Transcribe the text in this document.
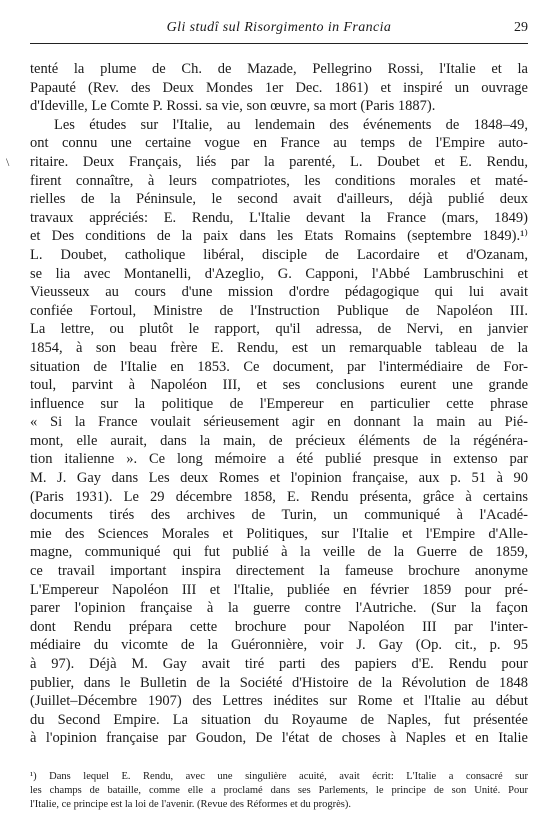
Gli studî sul Risorgimento in Francia	29
\
tenté la plume de Ch. de Mazade, Pellegrino Rossi, l'Italie et la
Papauté (Rev. des Deux Mondes 1er Dec. 1861) et inspiré un ouvrage
d'Ideville, Le Comte P. Rossi. sa vie, son œuvre, sa mort (Paris 1887).
Les études sur l'Italie, au lendemain des événements de 1848–49,
ont connu une certaine vogue en France au temps de l'Empire auto-
ritaire. Deux Français, liés par la parenté, L. Doubet et E. Rendu,
firent connaître, à leurs compatriotes, les conditions morales et maté-
rielles de la Péninsule, le second avait d'ailleurs, déjà publié deux
travaux appréciés: E. Rendu, L'Italie devant la France (mars, 1849)
et Des conditions de la paix dans les Etats Romains (septembre 1849).¹⁾
L. Doubet, catholique libéral, disciple de Lacordaire et d'Ozanam,
se lia avec Montanelli, d'Azeglio, G. Capponi, l'Abbé Lambruschini et
Vieusseux au cours d'une mission d'ordre pédagogique qui lui avait
confiée Fortoul, Ministre de l'Instruction Publique de Napoléon III.
La lettre, ou plutôt le rapport, qu'il adressa, de Nervi, en janvier
1854, à son beau frère E. Rendu, est un remarquable tableau de la
situation de l'Italie en 1853. Ce document, par l'intermédiaire de For-
toul, parvint à Napoléon III, et ses conclusions eurent une grande
influence sur la politique de l'Empereur en particulier cette phrase
« Si la France voulait sérieusement agir en donnant la main au Pié-
mont, elle aurait, dans la main, de précieux éléments de la régénéra-
tion italienne ». Ce long mémoire a été publié presque in extenso par
M. J. Gay dans Les deux Romes et l'opinion française, aux p. 51 à 90
(Paris 1931). Le 29 décembre 1858, E. Rendu présenta, grâce à certains
documents tirés des archives de Turin, un communiqué à l'Acadé-
mie des Sciences Morales et Politiques, sur l'Italie et l'Empire d'Alle-
magne, communiqué qui fut publié à la veille de la Guerre de 1859,
ce travail important inspira directement la fameuse brochure anonyme
L'Empereur Napoléon III et l'Italie, publiée en février 1859 pour pré-
parer l'opinion française à la guerre contre l'Autriche. (Sur la façon
dont Rendu prépara cette brochure pour Napoléon III par l'inter-
médiaire du vicomte de la Guéronnière, voir J. Gay (Op. cit., p. 95
à 97). Déjà M. Gay avait tiré parti des papiers d'E. Rendu pour
publier, dans le Bulletin de la Société d'Histoire de la Révolution de 1848
(Juillet–Décembre 1907) des Lettres inédites sur Rome et l'Italie au début
du Second Empire. La situation du Royaume de Naples, fut présentée
à l'opinion française par Goudon, De l'état de choses à Naples et en Italie
¹) Dans lequel E. Rendu, avec une singulière acuité, avait écrit: L'Italie a consacré sur
les champs de bataille, comme elle a proclamé dans ses Parlements, le principe de son Unité. Pour
l'Italie, ce principe est la loi de l'avenir. (Revue des Réformes et du progrès).
